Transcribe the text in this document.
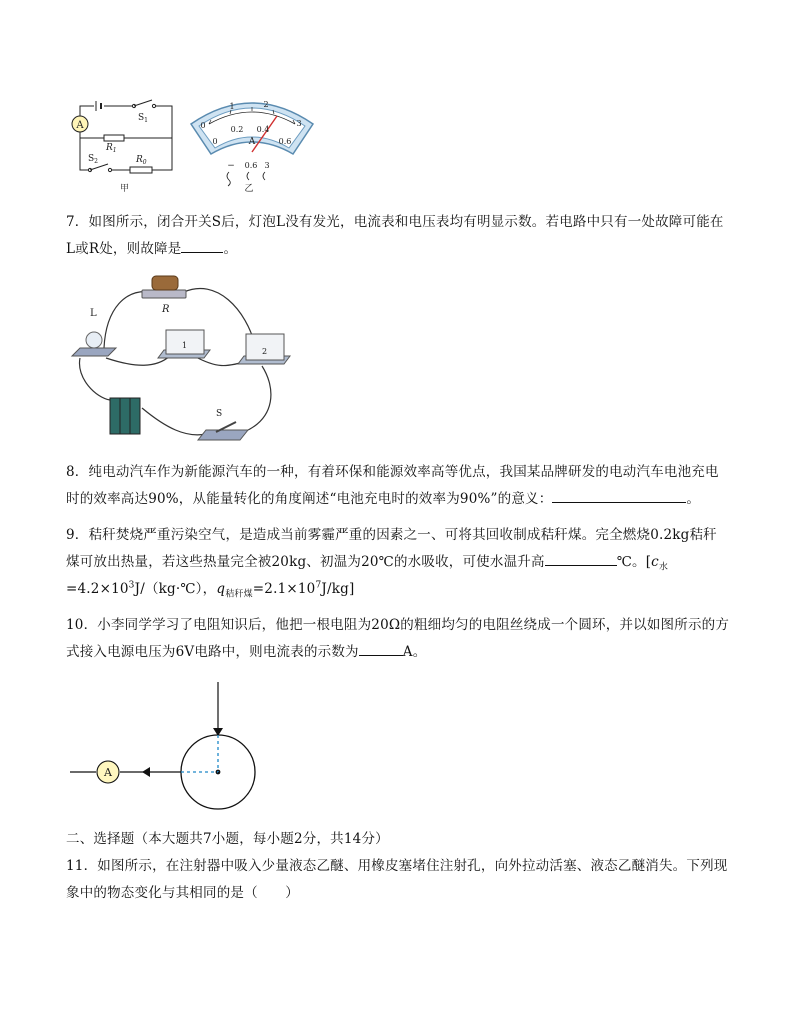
A
$S_1$
$R_1$
$S_2$	$R_0$
甲
1	2
0	3
0
0.2 0.4
0.6
A
− 0.6 3
乙
7．如图所示，闭合开关S后，灯泡L没有发光，电流表和电压表均有明显示数。若电路中只有一处故障可能在L或R处，则故障是	。
R
L
1
2
S
8．纯电动汽车作为新能源汽车的一种，有着环保和能源效率高等优点，我国某品牌研发的电动汽车电池充电时的效率高达90%，从能量转化的角度阐述“电池充电时的效率为90%”的意义：	。
9．秸秆焚烧严重污染空气，是造成当前雾霾严重的因素之一、可将其回收制成秸秆煤。完全燃烧0.2kg秸秆煤可放出热量，若这些热量完全被20kg、初温为20℃的水吸收，可使水温升高	℃。[$c_水=4.2\times 10^3J/(kg\cdot℃)$，$q_{秸秆煤}=2.1\times 10^7J/kg$]
10．小李同学学习了电阻知识后，他把一根电阻为20Ω的粗细均匀的电阻丝绕成一个圆环，并以如图所示的方式接入电源电压为6V电路中，则电流表的示数为	A。
A
二、选择题（本大题共7小题，每小题2分，共14分）
11．如图所示，在注射器中吸入少量液态乙醚、用橡皮塞堵住注射孔，向外拉动活塞、液态乙醚消失。下列现象中的物态变化与其相同的是（　　）
